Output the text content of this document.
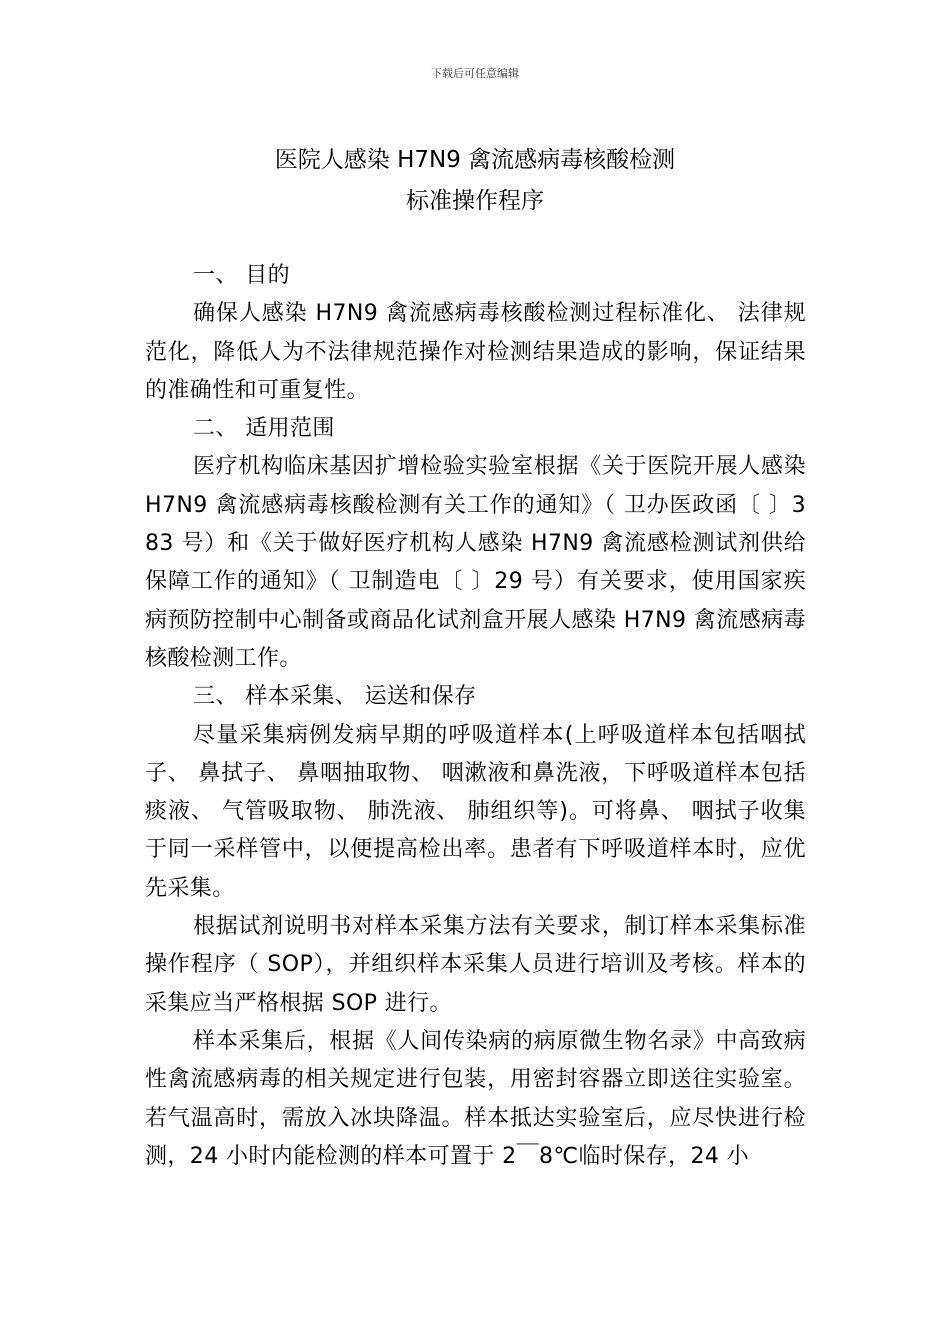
下载后可任意编辑
医院人感染 H7N9 禽流感病毒核酸检测
标准操作程序

一、 目的

确保人感染 H7N9 禽流感病毒核酸检测过程标准化、 法律规范化，降低人为不法律规范操作对检测结果造成的影响，保证结果的准确性和可重复性。

二、 适用范围

医疗机构临床基因扩增检验实验室根据《关于医院开展人感染 H7N9 禽流感病毒核酸检测有关工作的通知》（ 卫办医政函〔 〕383 号）和《关于做好医疗机构人感染 H7N9 禽流感检测试剂供给保障工作的通知》（ 卫制造电〔 〕29 号）有关要求，使用国家疾病预防控制中心制备或商品化试剂盒开展人感染 H7N9 禽流感病毒核酸检测工作。

三、 样本采集、 运送和保存

尽量采集病例发病早期的呼吸道样本(上呼吸道样本包括咽拭子、 鼻拭子、 鼻咽抽取物、 咽漱液和鼻洗液，下呼吸道样本包括痰液、 气管吸取物、 肺洗液、 肺组织等)。可将鼻、 咽拭子收集于同一采样管中，以便提高检出率。患者有下呼吸道样本时，应优先采集。

根据试剂说明书对样本采集方法有关要求，制订样本采集标准操作程序（ SOP），并组织样本采集人员进行培训及考核。样本的采集应当严格根据 SOP 进行。

样本采集后，根据《人间传染病的病原微生物名录》中高致病性禽流感病毒的相关规定进行包装，用密封容器立即送往实验室。若气温高时，需放入冰块降温。样本抵达实验室后，应尽快进行检测，24 小时内能检测的样本可置于 2￣8℃临时保存，24 小
